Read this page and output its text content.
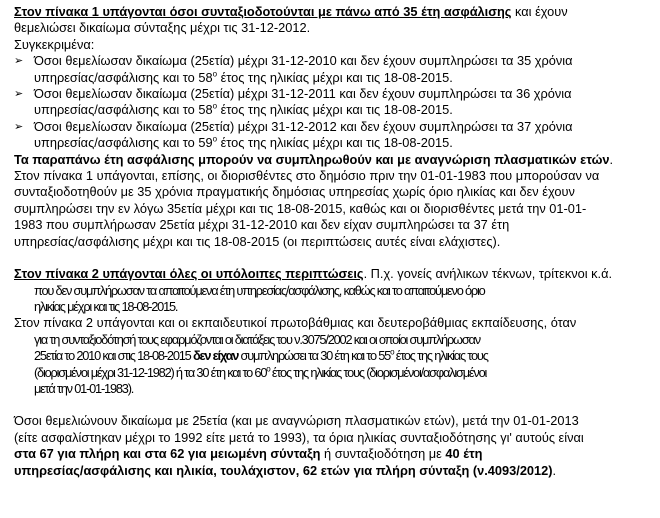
Στον πίνακα 1 υπάγονται όσοι συνταξιοδοτούνται με πάνω από 35 έτη ασφάλισης και έχουν
θεμελιώσει δικαίωμα σύνταξης μέχρι τις 31-12-2012.
Συγκεκριμένα:
➢ Όσοι θεμελίωσαν δικαίωμα (25ετία) μέχρι 31-12-2010 και δεν έχουν συμπληρώσει τα 35 χρόνια
υπηρεσίας/ασφάλισης και το $58^o$ έτος της ηλικίας μέχρι και τις 18-08-2015.
➢ Όσοι θεμελίωσαν δικαίωμα (25ετία) μέχρι 31-12-2011 και δεν έχουν συμπληρώσει τα 36 χρόνια
υπηρεσίας/ασφάλισης και το $58^o$ έτος της ηλικίας μέχρι και τις 18-08-2015.
➢ Όσοι θεμελίωσαν δικαίωμα (25ετία) μέχρι 31-12-2012 και δεν έχουν συμπληρώσει τα 37 χρόνια
υπηρεσίας/ασφάλισης και το $59^o$ έτος της ηλικίας μέχρι και τις 18-08-2015.
Τα παραπάνω έτη ασφάλισης μπορούν να συμπληρωθούν και με αναγνώριση πλασματικών ετών.
Στον πίνακα 1 υπάγονται, επίσης, οι διορισθέντες στο δημόσιο πριν την 01-01-1983 που μπορούσαν να
συνταξιοδοτηθούν με 35 χρόνια πραγματικής δημόσιας υπηρεσίας χωρίς όριο ηλικίας και δεν έχουν
συμπληρώσει την εν λόγω 35ετία μέχρι και τις 18-08-2015, καθώς και οι διορισθέντες μετά την 01-01-
1983 που συμπλήρωσαν 25ετία μέχρι 31-12-2010 και δεν είχαν συμπληρώσει τα 37 έτη
υπηρεσίας/ασφάλισης μέχρι και τις 18-08-2015 (οι περιπτώσεις αυτές είναι ελάχιστες).
Στον πίνακα 2 υπάγονται όλες οι υπόλοιπες περιπτώσεις. Π.χ. γονείς ανήλικων τέκνων, τρίτεκνοι κ.ά.
που δεν συμπλήρωσαν τα απαιτούμενα έτη υπηρεσίας/ασφάλισης, καθώς και το απαιτούμενο όριο
ηλικίας μέχρι και τις 18-08-2015.
Στον πίνακα 2 υπάγονται και οι εκπαιδευτικοί πρωτοβάθμιας και δευτεροβάθμιας εκπαίδευσης, όταν
για τη συνταξιοδότησή τους εφαρμόζονται οι διατάξεις του ν.3075/2002 και οι οποίοι συμπλήρωσαν
25ετία το 2010 και στις 18-08-2015 δεν είχαν συμπληρώσει τα 30 έτη και το $55^o$ έτος της ηλικίας τους
(διορισμένοι μέχρι 31-12-1982) ή τα 30 έτη και το $60^o$ έτος της ηλικίας τους (διορισμένοι/ασφαλισμένοι
μετά την 01-01-1983).
Όσοι θεμελιώνουν δικαίωμα με 25ετία (και με αναγνώριση πλασματικών ετών), μετά την 01-01-2013
(είτε ασφαλίστηκαν μέχρι το 1992 είτε μετά το 1993), τα όρια ηλικίας συνταξιοδότησης γι' αυτούς είναι
στα 67 για πλήρη και στα 62 για μειωμένη σύνταξη ή συνταξιοδότηση με 40 έτη
υπηρεσίας/ασφάλισης και ηλικία, τουλάχιστον, 62 ετών για πλήρη σύνταξη (ν.4093/2012).
